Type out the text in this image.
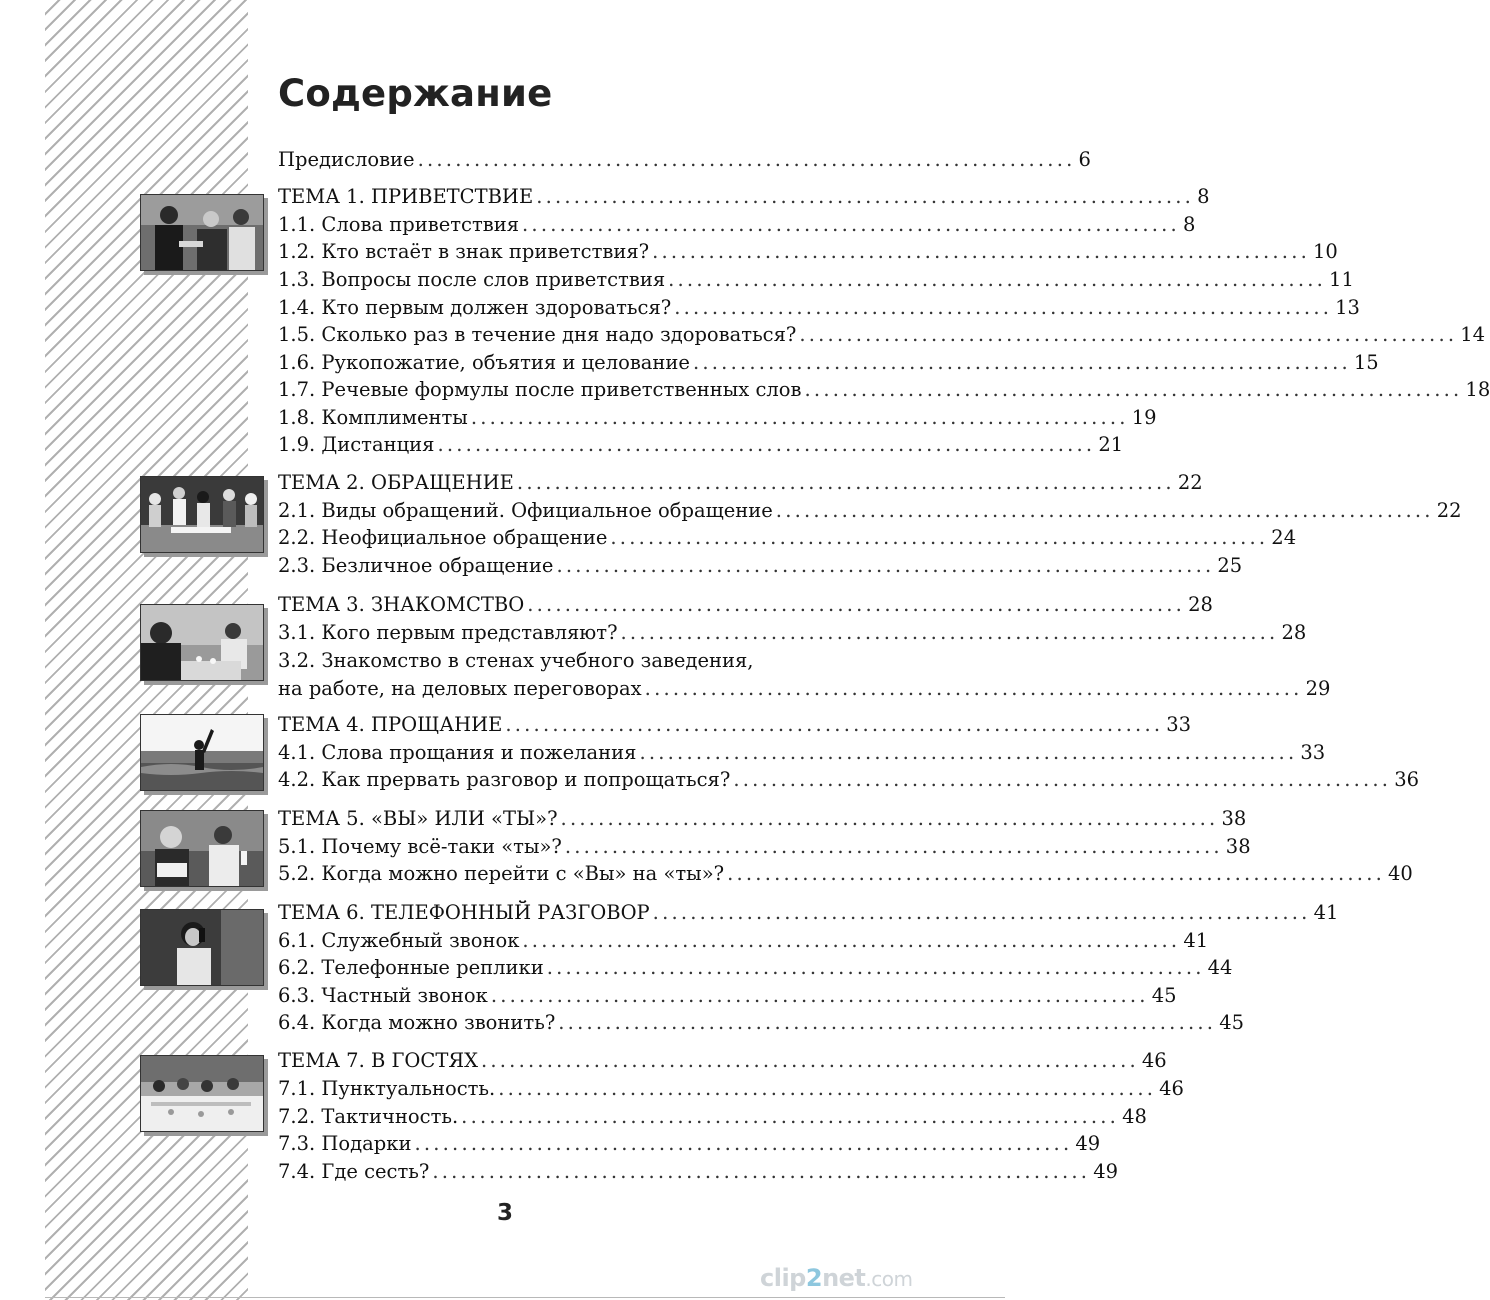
Содержание
Предисловие ...................................................................... 6
ТЕМА 1. ПРИВЕТСТВИЕ ...................................................................... 8
1.1. Слова приветствия ...................................................................... 8
1.2. Кто встаёт в знак приветствия? ...................................................................... 10
1.3. Вопросы после слов приветствия ...................................................................... 11
1.4. Кто первым должен здороваться? ...................................................................... 13
1.5. Сколько раз в течение дня надо здороваться? ...................................................................... 14
1.6. Рукопожатие, объятия и целование ...................................................................... 15
1.7. Речевые формулы после приветственных слов ...................................................................... 18
1.8. Комплименты ...................................................................... 19
1.9. Дистанция ...................................................................... 21
ТЕМА 2. ОБРАЩЕНИЕ ...................................................................... 22
2.1. Виды обращений. Официальное обращение ...................................................................... 22
2.2. Неофициальное обращение ...................................................................... 24
2.3. Безличное обращение ...................................................................... 25
ТЕМА 3. ЗНАКОМСТВО ...................................................................... 28
3.1. Кого первым представляют? ...................................................................... 28
3.2. Знакомство в стенах учебного заведения,
на работе, на деловых переговорах ...................................................................... 29
ТЕМА 4. ПРОЩАНИЕ ...................................................................... 33
4.1. Слова прощания и пожелания ...................................................................... 33
4.2. Как прервать разговор и попрощаться? ...................................................................... 36
ТЕМА 5. «ВЫ» ИЛИ «ТЫ»? ...................................................................... 38
5.1. Почему всё-таки «ты»? ...................................................................... 38
5.2. Когда можно перейти с «Вы» на «ты»? ...................................................................... 40
ТЕМА 6. ТЕЛЕФОННЫЙ РАЗГОВОР ...................................................................... 41
6.1. Служебный звонок ...................................................................... 41
6.2. Телефонные реплики ...................................................................... 44
6.3. Частный звонок ...................................................................... 45
6.4. Когда можно звонить? ...................................................................... 45
ТЕМА 7. В ГОСТЯХ ...................................................................... 46
7.1. Пунктуальность. ...................................................................... 46
7.2. Тактичность. ...................................................................... 48
7.3. Подарки ...................................................................... 49
7.4. Где сесть? ...................................................................... 49
3
clip2net.com
